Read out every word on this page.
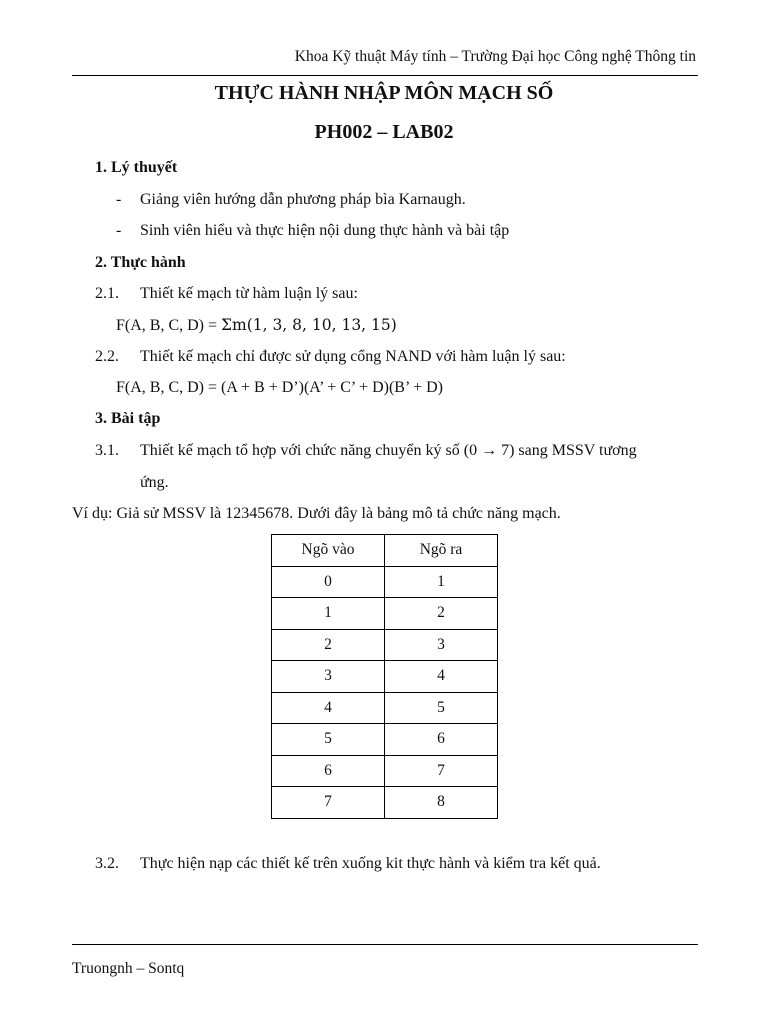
Khoa Kỹ thuật Máy tính – Trường Đại học Công nghệ Thông tin
THỰC HÀNH NHẬP MÔN MẠCH SỐ
PH002 – LAB02
1. Lý thuyết
- Giảng viên hướng dẫn phương pháp bìa Karnaugh.
- Sinh viên hiểu và thực hiện nội dung thực hành và bài tập
2. Thực hành
2.1. Thiết kế mạch từ hàm luận lý sau:
F(A, B, C, D) = Σm(1, 3, 8, 10, 13, 15)
2.2. Thiết kế mạch chỉ được sử dụng cổng NAND với hàm luận lý sau:
F(A, B, C, D) = (A + B + D’)(A’ + C’ + D)(B’ + D)
3. Bài tập
3.1. Thiết kế mạch tổ hợp với chức năng chuyển ký số (0 → 7) sang MSSV tương
ứng.
Ví dụ: Giả sử MSSV là 12345678. Dưới đây là bảng mô tả chức năng mạch.
Ngõ vào	Ngõ ra
0	1
1	2
2	3
3	4
4	5
5	6
6	7
7	8
3.2. Thực hiện nạp các thiết kế trên xuống kit thực hành và kiểm tra kết quả.
Truongnh – Sontq
